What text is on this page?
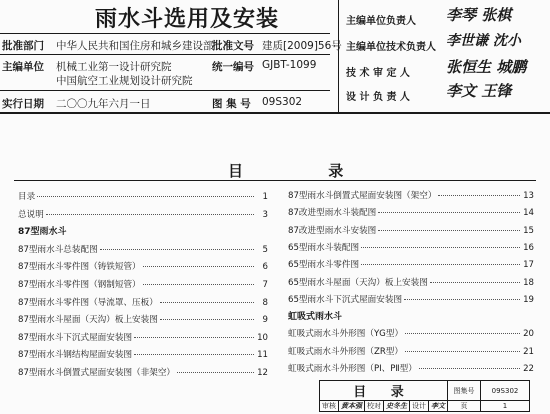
雨水斗选用及安装
批准部门 中华人民共和国住房和城乡建设部
批准文号 建质[2009]56号
主编单位 机械工业第一设计研究院
中国航空工业规划设计研究院
统一编号 GJBT-1099
实行日期 二〇〇九年六月一日	图 集 号 09S302
主编单位负责人 李琴 张棋
主编单位技术负责人 李世谦 沈小
技 术 审 定 人 张恒生 城鹏
设 计 负 责 人 李文 王锋
目 录
目录	1
总说明	3
87型雨水斗
87型雨水斗总装配图	5
87型雨水斗零件图（铸铁短管）	6
87型雨水斗零件图（钢制短管）	7
87型雨水斗零件图（导流罩、压板）	8
87型雨水斗屋面（天沟）板上安装图	9
87型雨水斗下沉式屋面安装图	10
87型雨水斗钢结构屋面安装图	11
87型雨水斗倒置式屋面安装图（非架空）	12
87型雨水斗倒置式屋面安装图（架空）	13
87改进型雨水斗装配图	14
87改进型雨水斗安装图	15
65型雨水斗装配图	16
65型雨水斗零件图	17
65型雨水斗屋面（天沟）板上安装图	18
65型雨水斗下沉式屋面安装图	19
虹吸式雨水斗
虹吸式雨水斗外形图（YG型）	20
虹吸式雨水斗外形图（ZR型）	21
虹吸式雨水斗外形图（PⅠ、PⅡ型）	22
目 录						图集号	09S302
审核	黄本强	校对	史冬生	设计	李文	页	1
